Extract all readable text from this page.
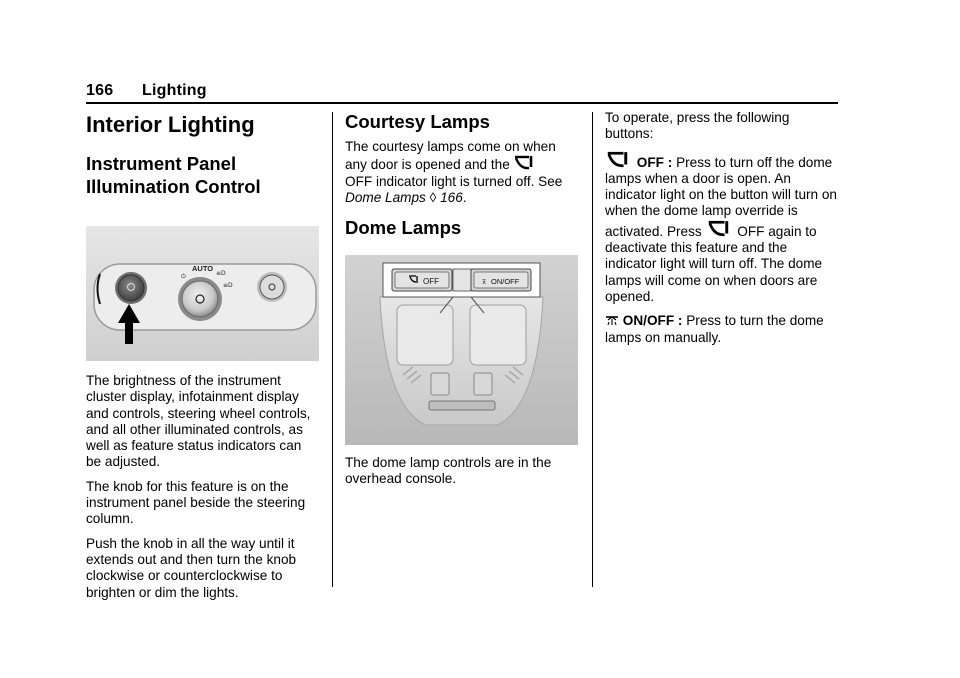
166 Lighting
Interior Lighting
Instrument Panel
Illumination Control
⏻
AUTO
≡D
≡D

The brightness of the instrument cluster display, infotainment display and controls, steering wheel controls, and all other illuminated controls, as well as feature status indicators can be adjusted.

The knob for this feature is on the instrument panel beside the steering column.

Push the knob in all the way until it extends out and then turn the knob clockwise or counterclockwise to brighten or dim the lights.

Courtesy Lamps

The courtesy lamps come on when any door is opened and the
OFF indicator light is turned off. See
Dome Lamps ◊ 166.

Dome Lamps
OFF	⊼ ON/OFF

The dome lamp controls are in the overhead console.

To operate, press the following buttons:

OFF : Press to turn off the dome lamps when a door is open. An indicator light on the button will turn on when the dome lamp override is activated. Press	OFF again to deactivate this feature and the indicator light will turn off. The dome lamps will come on when doors are opened.

ON/OFF : Press to turn the dome lamps on manually.
